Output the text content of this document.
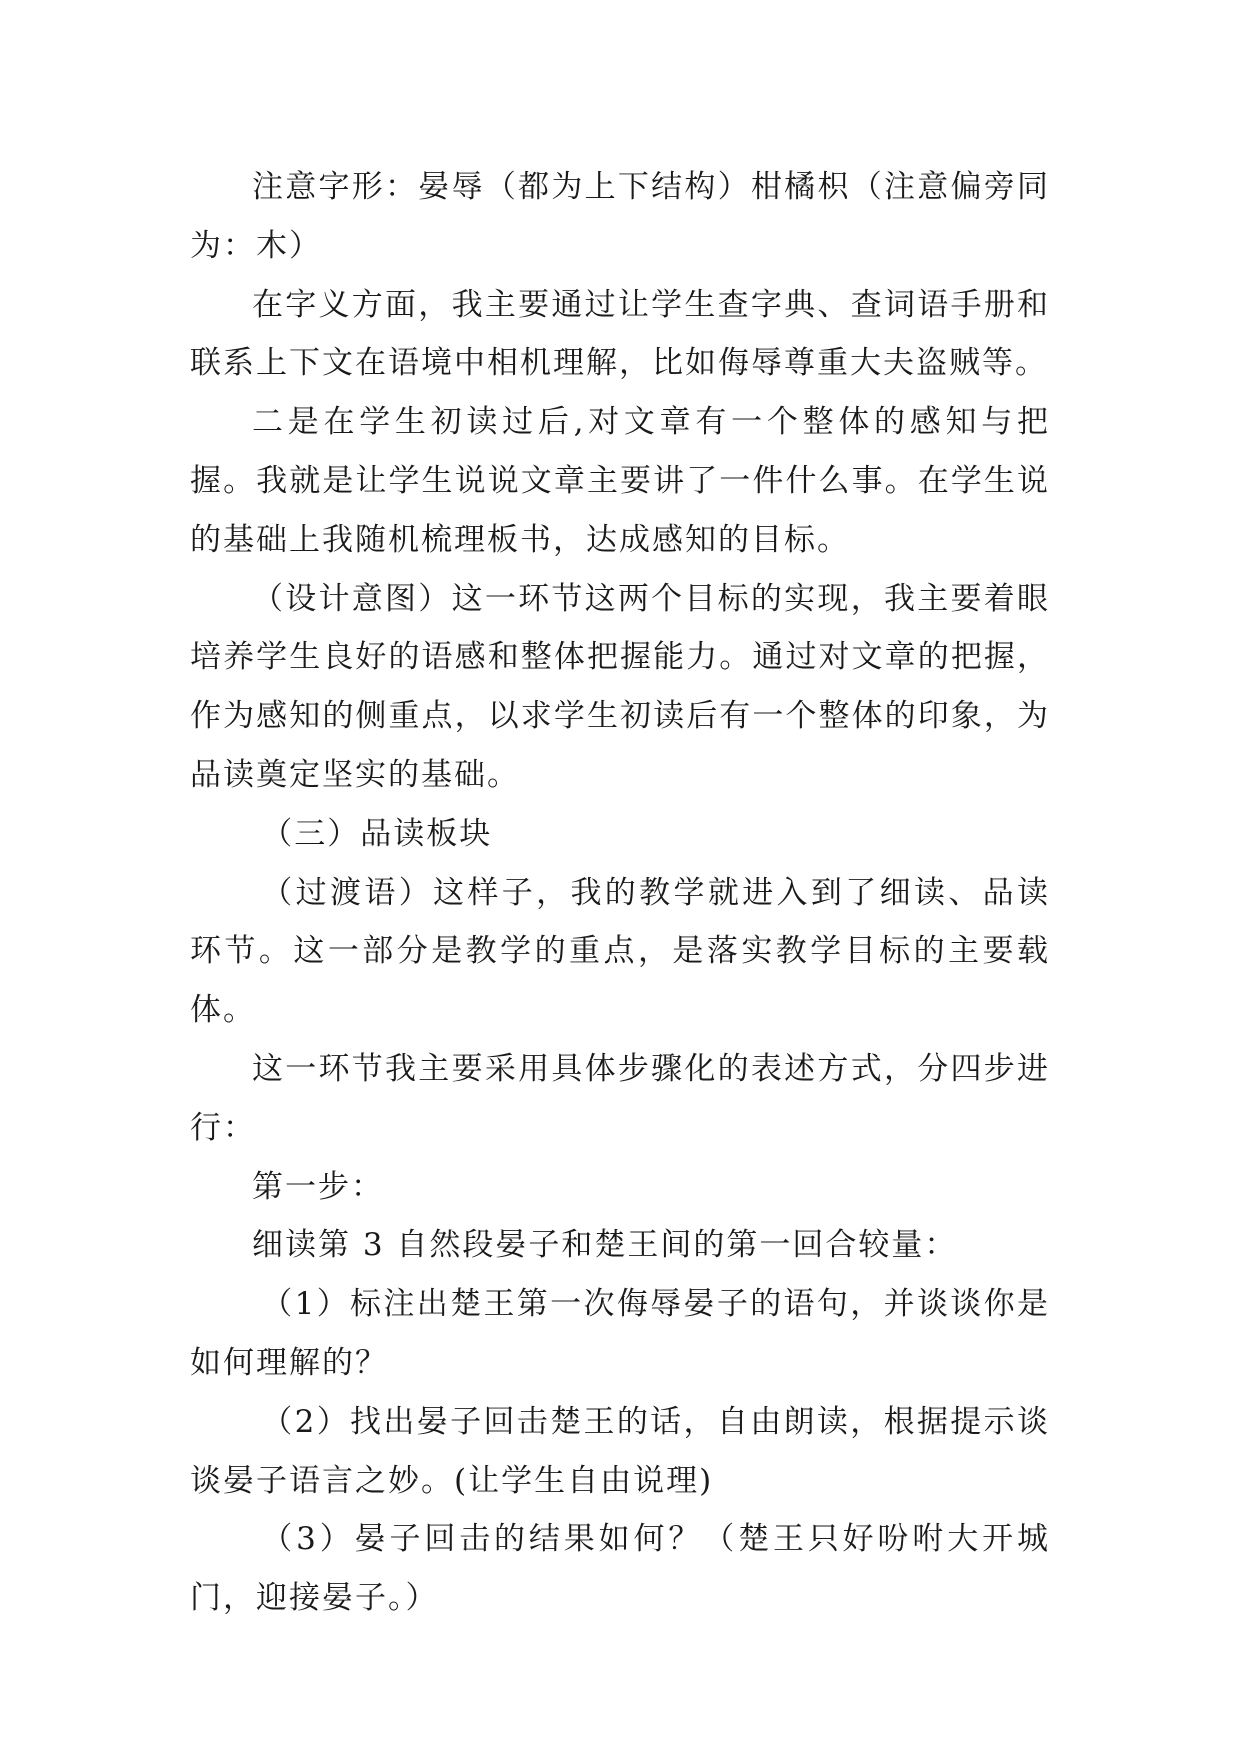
注意字形：晏辱（都为上下结构）柑橘枳（注意偏旁同为：木）

在字义方面，我主要通过让学生查字典、查词语手册和联系上下文在语境中相机理解，比如侮辱尊重大夫盗贼等。

二是在学生初读过后,对文章有一个整体的感知与把握。我就是让学生说说文章主要讲了一件什么事。在学生说的基础上我随机梳理板书，达成感知的目标。

（设计意图）这一环节这两个目标的实现，我主要着眼培养学生良好的语感和整体把握能力。通过对文章的把握，作为感知的侧重点，以求学生初读后有一个整体的印象，为品读奠定坚实的基础。

（三）品读板块

（过渡语）这样子，我的教学就进入到了细读、品读环节。这一部分是教学的重点，是落实教学目标的主要载体。

这一环节我主要采用具体步骤化的表述方式，分四步进行：

第一步：

细读第 3 自然段晏子和楚王间的第一回合较量：

（1）标注出楚王第一次侮辱晏子的语句，并谈谈你是如何理解的？

（2）找出晏子回击楚王的话，自由朗读，根据提示谈谈晏子语言之妙。(让学生自由说理)

（3）晏子回击的结果如何？（楚王只好吩咐大开城门，迎接晏子。）
